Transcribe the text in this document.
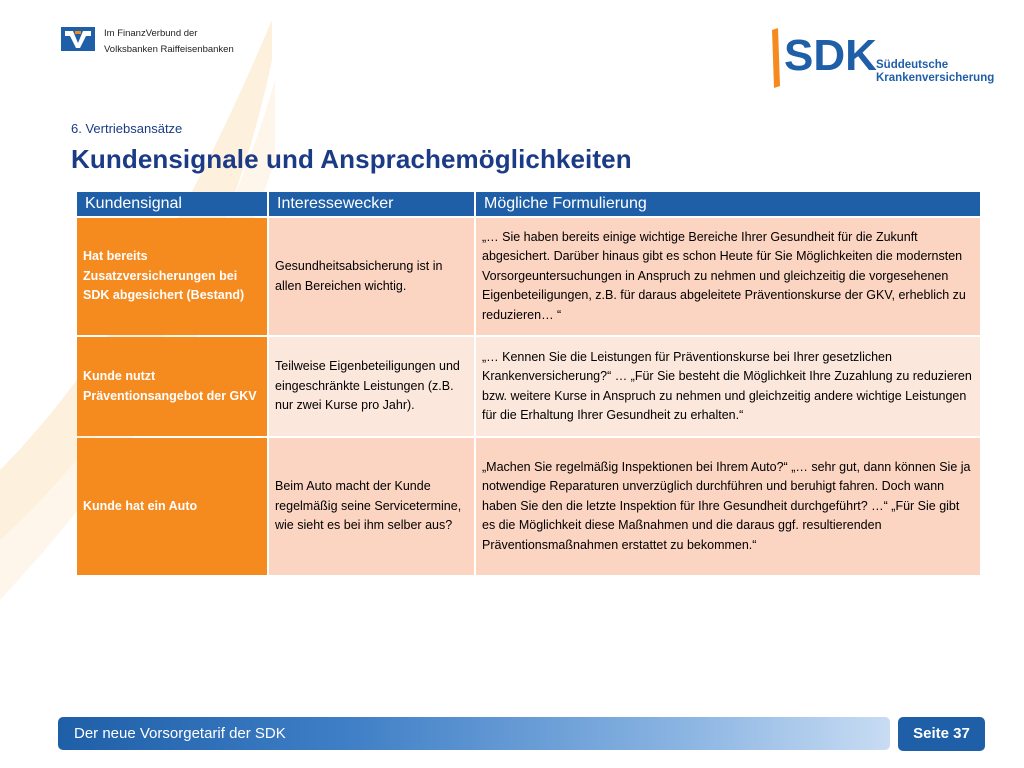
Im FinanzVerbund der
Volksbanken Raiffeisenbanken	SDK Süddeutsche
Krankenversicherung
6. Vertriebsansätze
Kundensignale und Ansprachemöglichkeiten
Kundensignal	Interessewecker	Mögliche Formulierung
Hat bereits Zusatzversicherungen bei SDK abgesichert (Bestand)	Gesundheitsabsicherung ist in allen Bereichen wichtig.	„… Sie haben bereits einige wichtige Bereiche Ihrer Gesundheit für die Zukunft abgesichert. Darüber hinaus gibt es schon Heute für Sie Möglichkeiten die modernsten Vorsorgeuntersuchungen in Anspruch zu nehmen und gleichzeitig die vorgesehenen Eigenbeteiligungen, z.B. für daraus abgeleitete Präventionskurse der GKV, erheblich zu reduzieren… “
Kunde nutzt Präventionsangebot der GKV	Teilweise Eigenbeteiligungen und eingeschränkte Leistungen (z.B. nur zwei Kurse pro Jahr).	„… Kennen Sie die Leistungen für Präventionskurse bei Ihrer gesetzlichen Krankenversicherung?“ … „Für Sie besteht die Möglichkeit Ihre Zuzahlung zu reduzieren bzw. weitere Kurse in Anspruch zu nehmen und gleichzeitig andere wichtige Leistungen für die Erhaltung Ihrer Gesundheit zu erhalten.“
Kunde hat ein Auto	Beim Auto macht der Kunde regelmäßig seine Servicetermine, wie sieht es bei ihm selber aus?	„Machen Sie regelmäßig Inspektionen bei Ihrem Auto?“ „… sehr gut, dann können Sie ja notwendige Reparaturen unverzüglich durchführen und beruhigt fahren. Doch wann haben Sie den die letzte Inspektion für Ihre Gesundheit durchgeführt? …“ „Für Sie gibt es die Möglichkeit diese Maßnahmen und die daraus ggf. resultierenden Präventionsmaßnahmen erstattet zu bekommen.“
Der neue Vorsorgetarif der SDK	Seite 37
